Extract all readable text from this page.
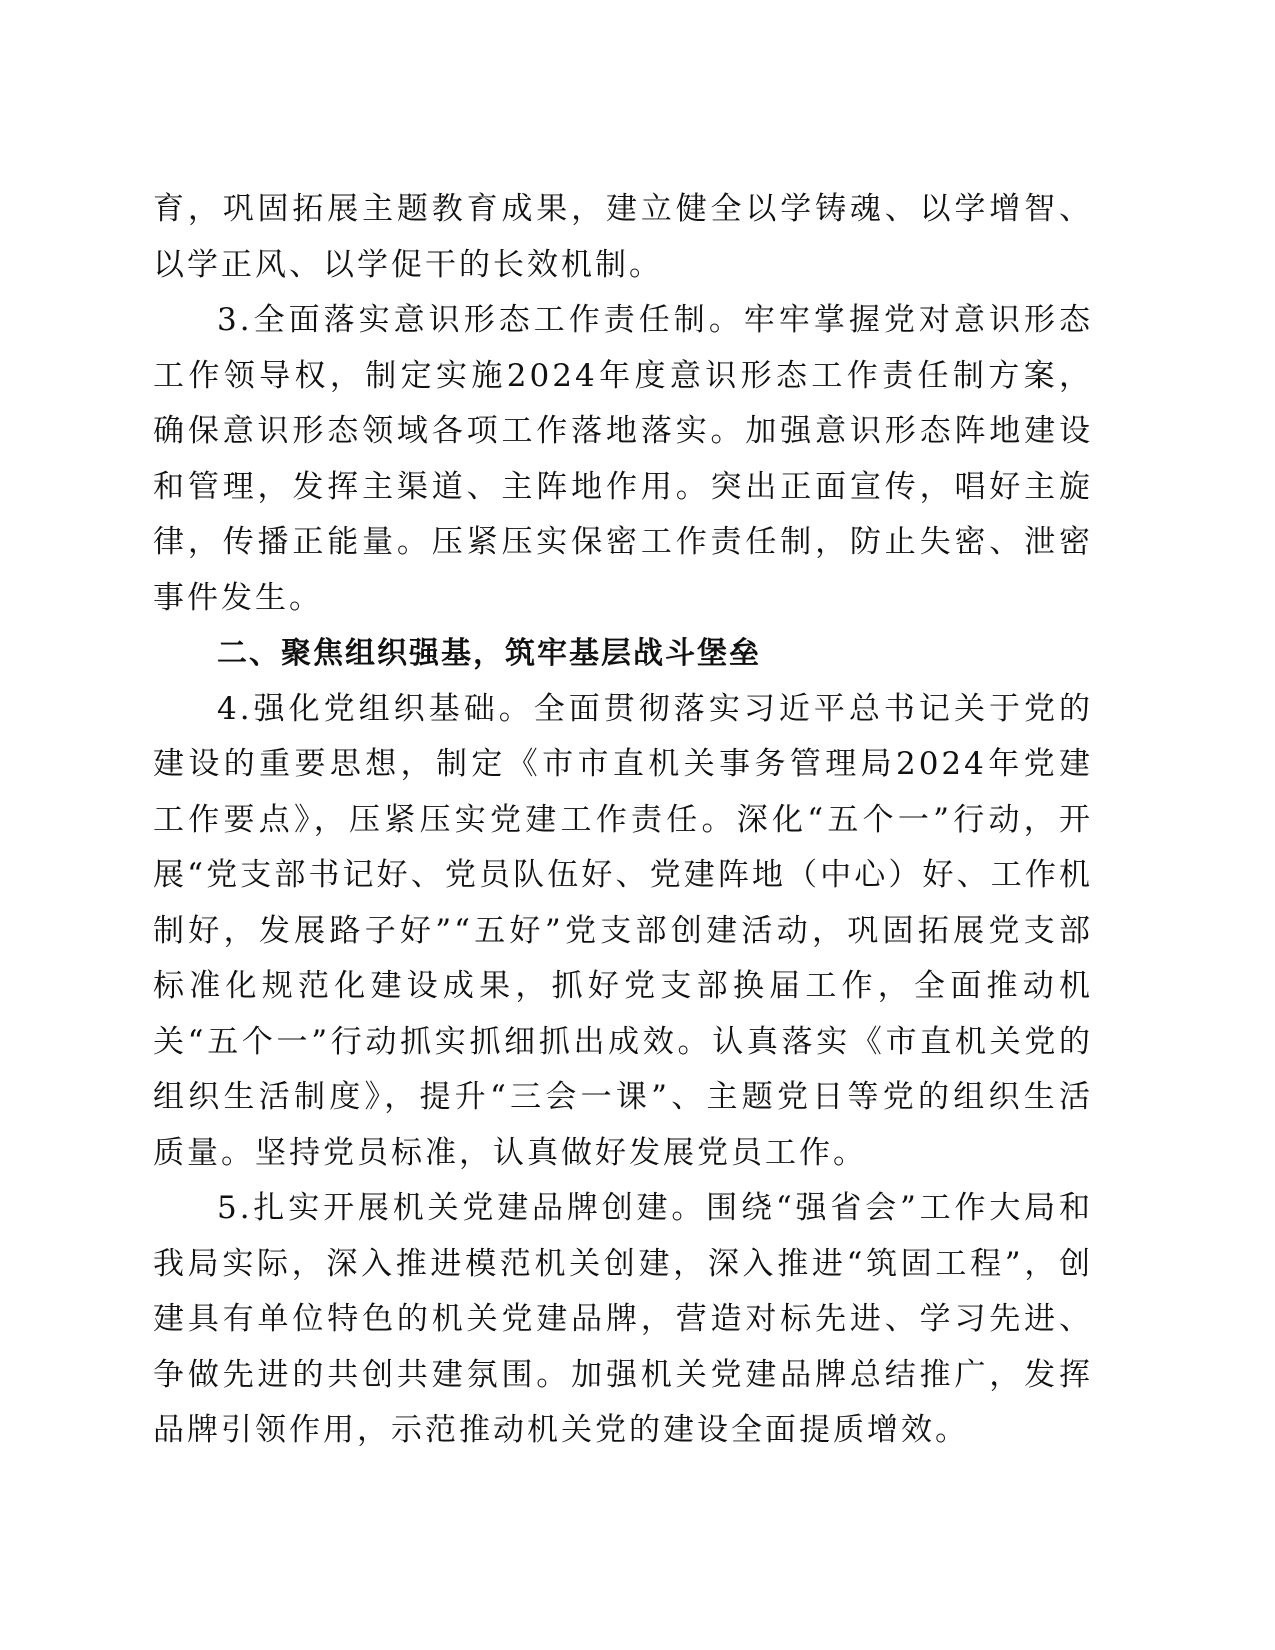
育，巩固拓展主题教育成果，建立健全以学铸魂、以学增智、以学正风、以学促干的长效机制。

3.全面落实意识形态工作责任制。牢牢掌握党对意识形态工作领导权，制定实施2024年度意识形态工作责任制方案，确保意识形态领域各项工作落地落实。加强意识形态阵地建设和管理，发挥主渠道、主阵地作用。突出正面宣传，唱好主旋律，传播正能量。压紧压实保密工作责任制，防止失密、泄密事件发生。

二、聚焦组织强基，筑牢基层战斗堡垒

4.强化党组织基础。全面贯彻落实习近平总书记关于党的建设的重要思想，制定《市市直机关事务管理局2024年党建工作要点》，压紧压实党建工作责任。深化“五个一”行动，开展“党支部书记好、党员队伍好、党建阵地（中心）好、工作机制好，发展路子好”“五好”党支部创建活动，巩固拓展党支部标准化规范化建设成果，抓好党支部换届工作，全面推动机关“五个一”行动抓实抓细抓出成效。认真落实《市直机关党的组织生活制度》，提升“三会一课”、主题党日等党的组织生活质量。坚持党员标准，认真做好发展党员工作。

5.扎实开展机关党建品牌创建。围绕“强省会”工作大局和我局实际，深入推进模范机关创建，深入推进“筑固工程”，创建具有单位特色的机关党建品牌，营造对标先进、学习先进、争做先进的共创共建氛围。加强机关党建品牌总结推广，发挥品牌引领作用，示范推动机关党的建设全面提质增效。
